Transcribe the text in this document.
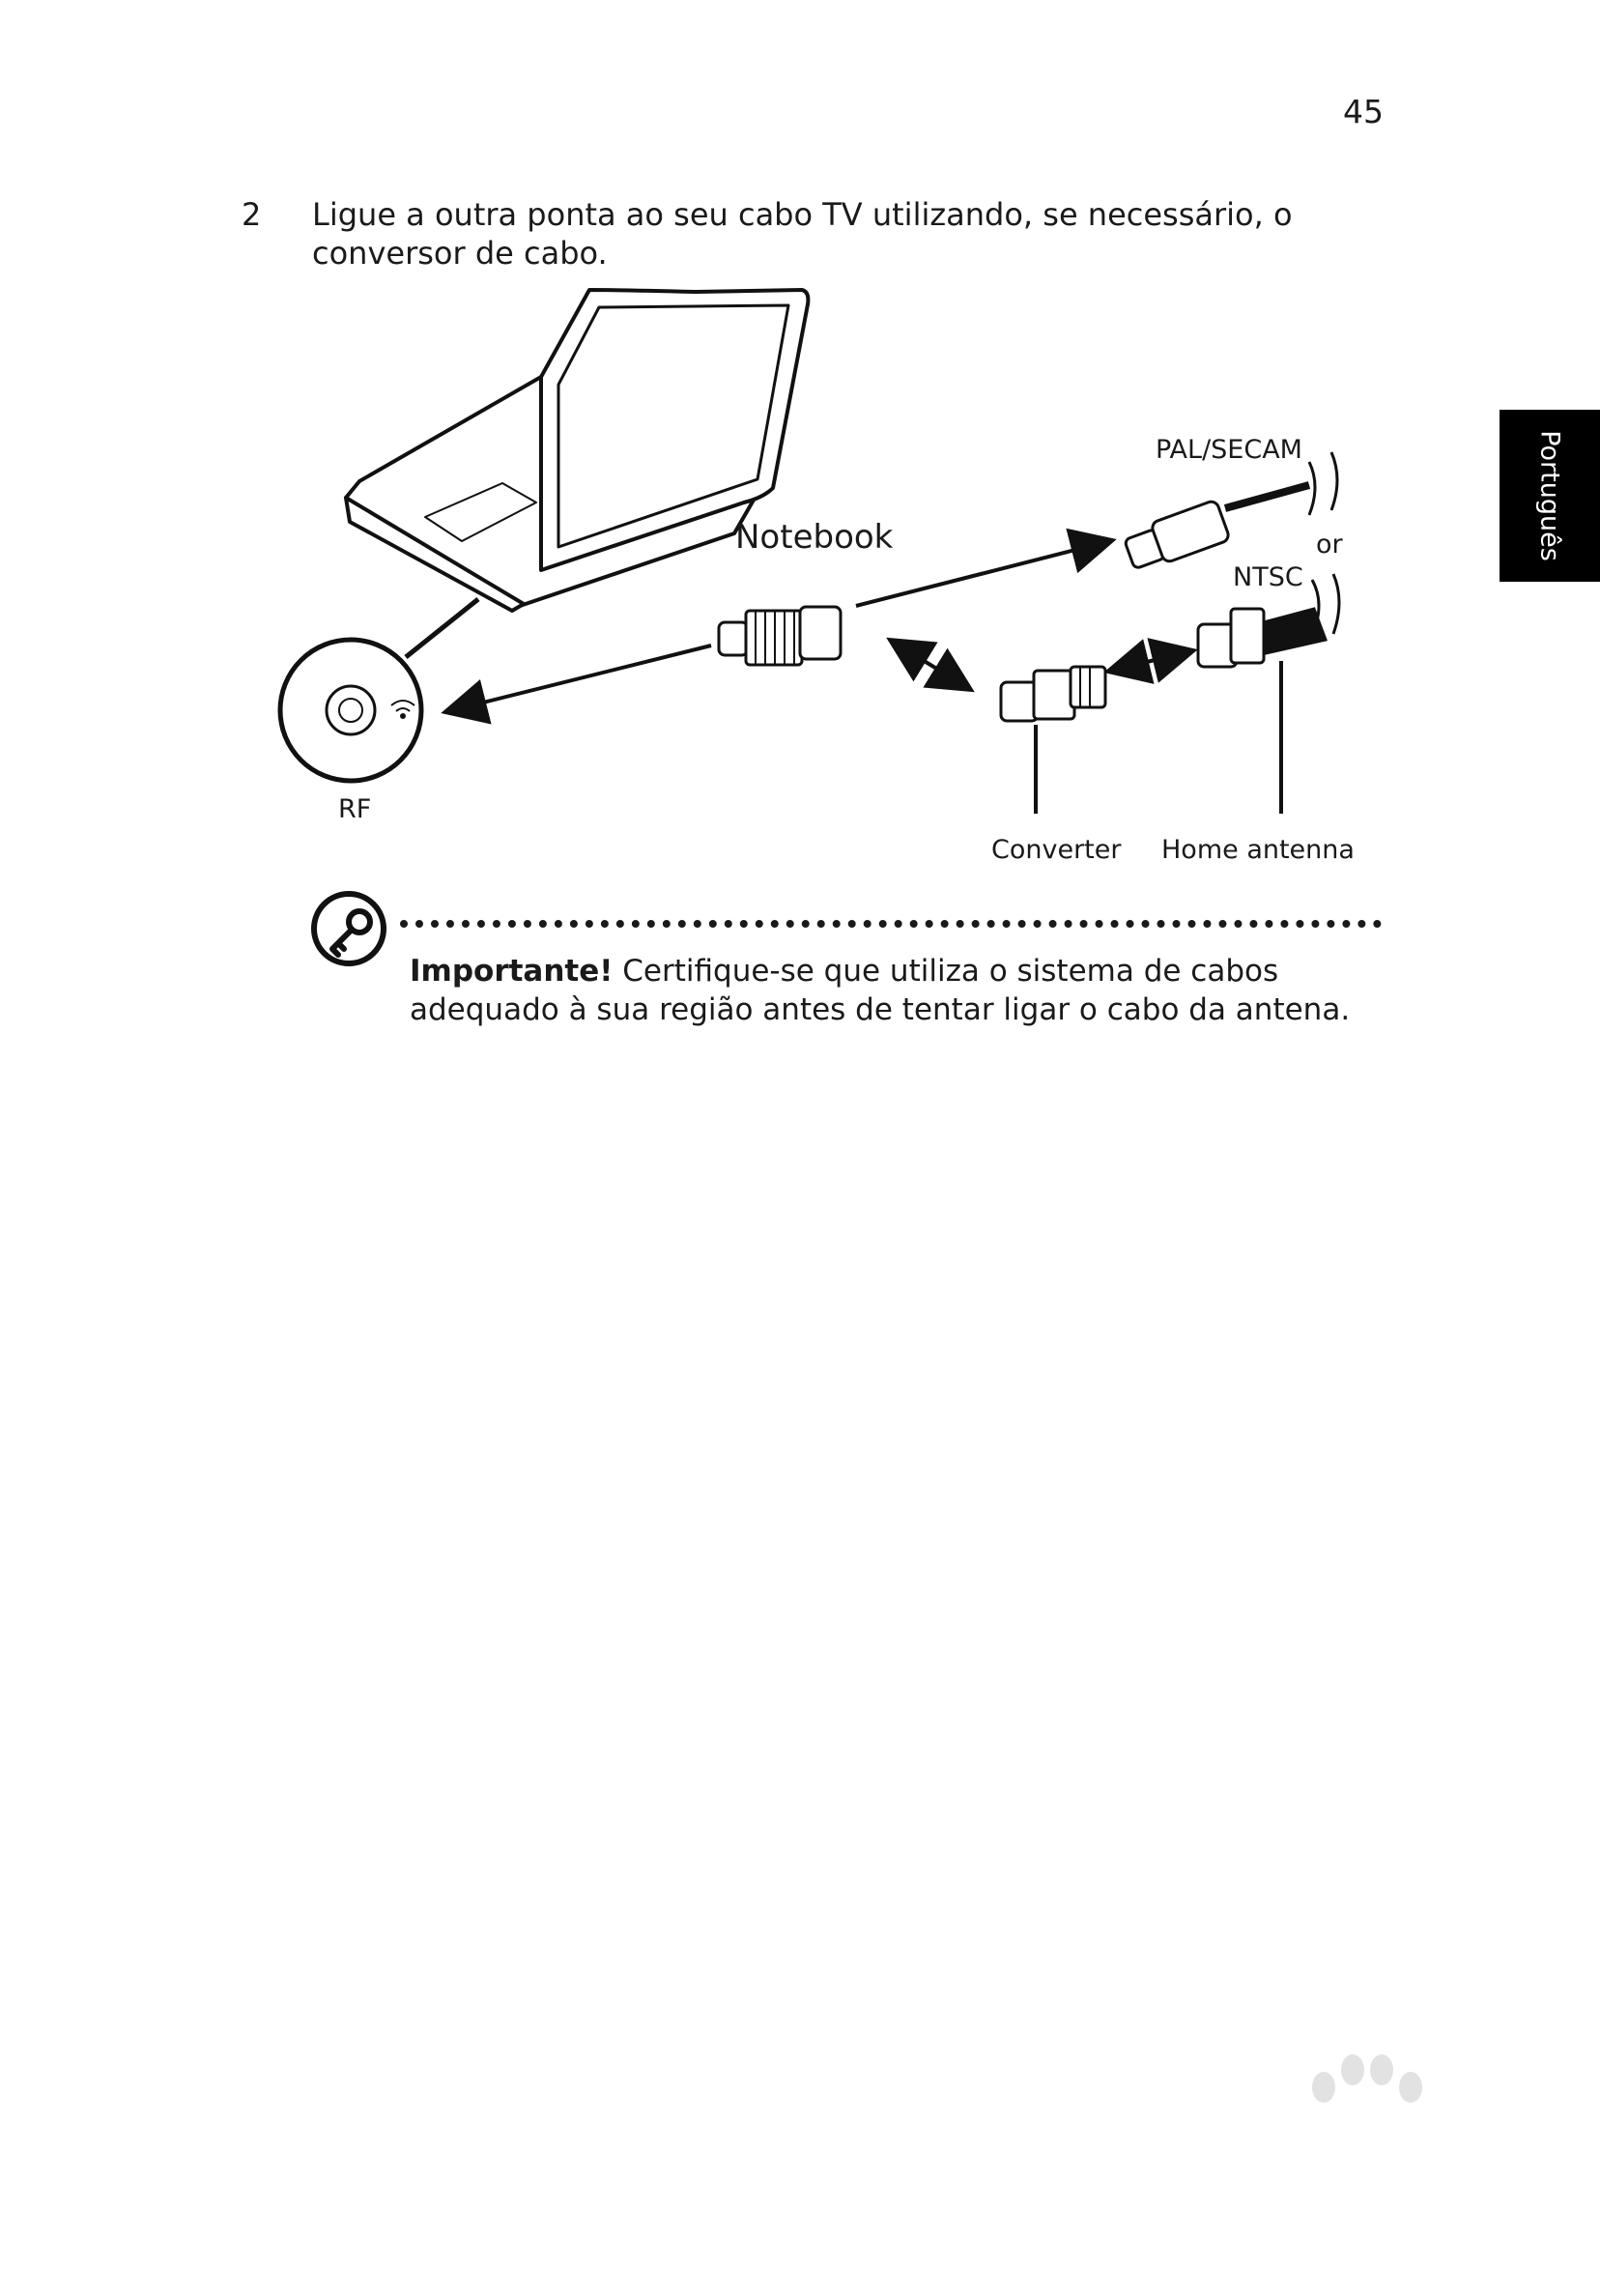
45
2 Ligue a outra ponta ao seu cabo TV utilizando, se necessário, o conversor de cabo.
Português
Notebook
PAL/SECAM
or
NTSC
RF
Converter Home antenna
Importante! Certifique-se que utiliza o sistema de cabos adequado à sua região antes de tentar ligar o cabo da antena.
